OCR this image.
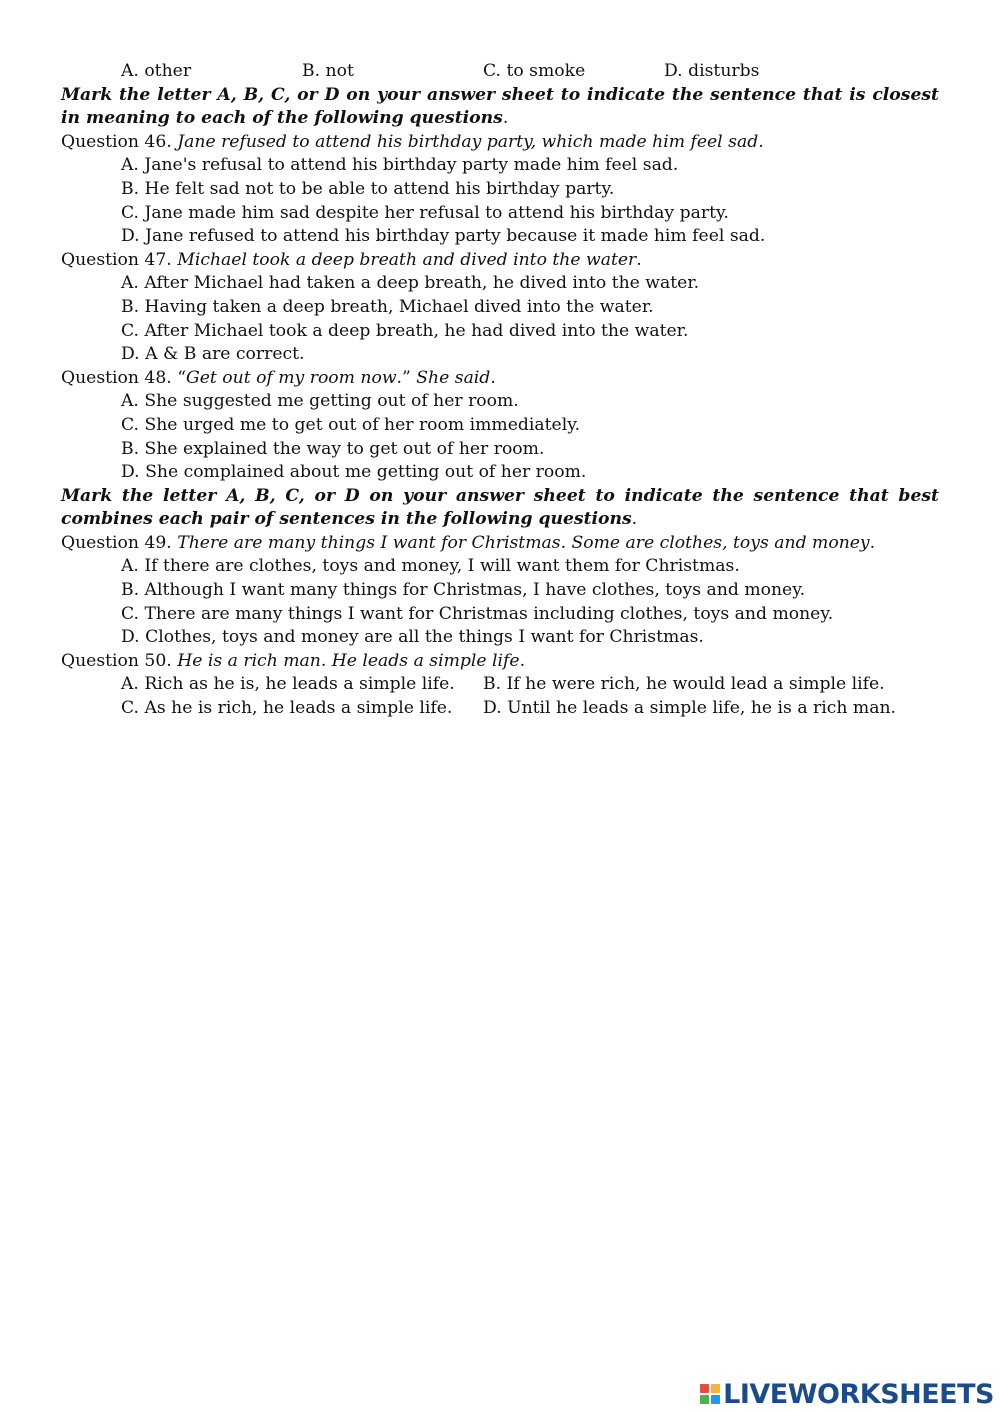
A. other	B. not	C. to smoke	D. disturbs
Mark the letter A, B, C, or D on your answer sheet to indicate the sentence that is closest in meaning to each of the following questions.
Question 46. Jane refused to attend his birthday party, which made him feel sad.
A. Jane's refusal to attend his birthday party made him feel sad.
B. He felt sad not to be able to attend his birthday party.
C. Jane made him sad despite her refusal to attend his birthday party.
D. Jane refused to attend his birthday party because it made him feel sad.
Question 47. Michael took a deep breath and dived into the water.
A. After Michael had taken a deep breath, he dived into the water.
B. Having taken a deep breath, Michael dived into the water.
C. After Michael took a deep breath, he had dived into the water.
D. A & B are correct.
Question 48. “Get out of my room now.” She said.
A. She suggested me getting out of her room.
C. She urged me to get out of her room immediately.
B. She explained the way to get out of her room.
D. She complained about me getting out of her room.
Mark the letter A, B, C, or D on your answer sheet to indicate the sentence that best combines each pair of sentences in the following questions.
Question 49. There are many things I want for Christmas. Some are clothes, toys and money.
A. If there are clothes, toys and money, I will want them for Christmas.
B. Although I want many things for Christmas, I have clothes, toys and money.
C. There are many things I want for Christmas including clothes, toys and money.
D. Clothes, toys and money are all the things I want for Christmas.
Question 50. He is a rich man. He leads a simple life.
A. Rich as he is, he leads a simple life.	B. If he were rich, he would lead a simple life.
C. As he is rich, he leads a simple life.	D. Until he leads a simple life, he is a rich man.
LIVEWORKSHEETS
